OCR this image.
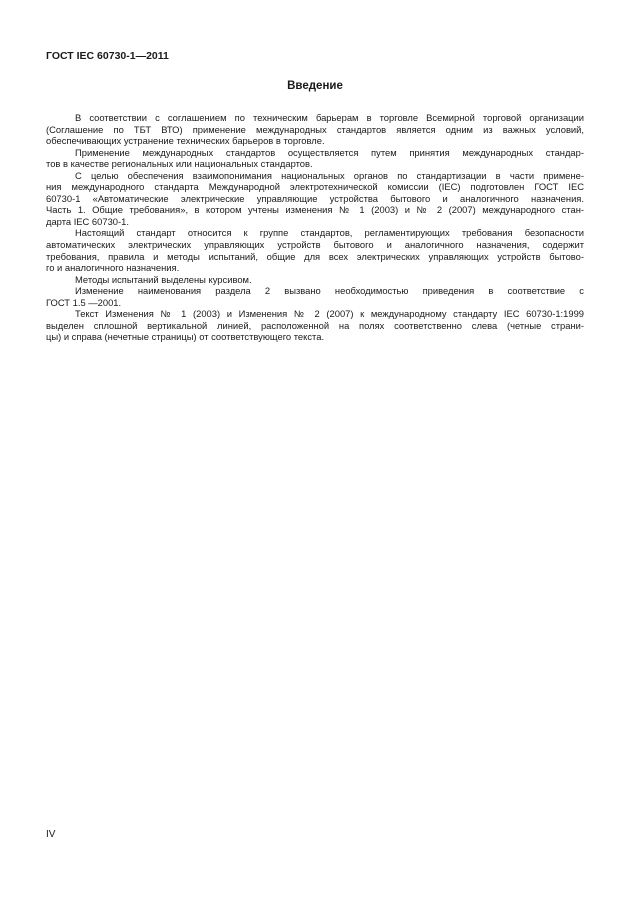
ГОСТ IEC 60730-1—2011
Введение
В соответствии с соглашением по техническим барьерам в торговле Всемирной торговой организации
(Соглашение по ТБТ ВТО) применение международных стандартов является одним из важных условий,
обеспечивающих устранение технических барьеров в торговле.
Применение международных стандартов осуществляется путем принятия международных стандар-
тов в качестве региональных или национальных стандартов.
С целью обеспечения взаимопонимания национальных органов по стандартизации в части примене-
ния международного стандарта Международной электротехнической комиссии (IEC) подготовлен ГОСТ IEC
60730-1 «Автоматические электрические управляющие устройства бытового и аналогичного назначения.
Часть 1. Общие требования», в котором учтены изменения № 1 (2003) и № 2 (2007) международного стан-
дарта IEC 60730-1.
Настоящий стандарт относится к группе стандартов, регламентирующих требования безопасности
автоматических электрических управляющих устройств бытового и аналогичного назначения, содержит
требования, правила и методы испытаний, общие для всех электрических управляющих устройств бытово-
го и аналогичного назначения.
Методы испытаний выделены курсивом.
Изменение наименования раздела 2 вызвано необходимостью приведения в соответствие с
ГОСТ 1.5 —2001.
Текст Изменения № 1 (2003) и Изменения № 2 (2007) к международному стандарту IEC 60730-1:1999
выделен сплошной вертикальной линией, расположенной на полях соответственно слева (четные страни-
цы) и справа (нечетные страницы) от соответствующего текста.
IV
